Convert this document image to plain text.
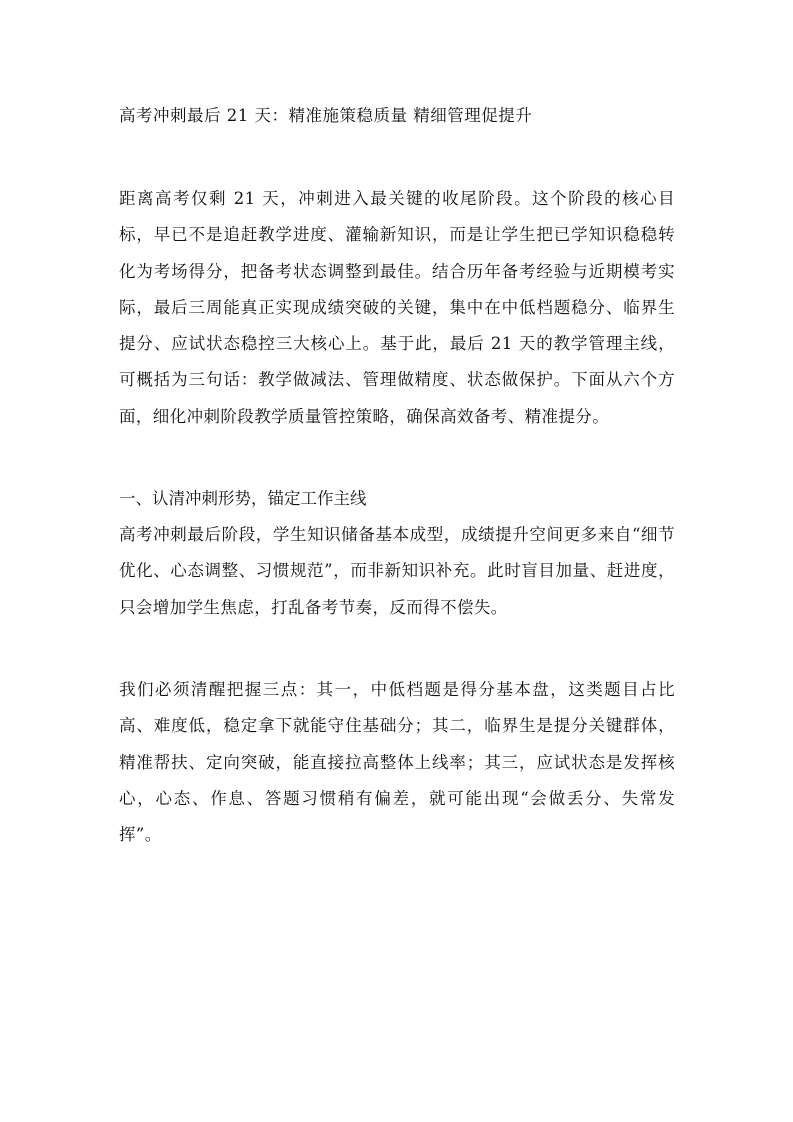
高考冲刺最后 21 天：精准施策稳质量 精细管理促提升

距离高考仅剩 21 天，冲刺进入最关键的收尾阶段。这个阶段的核心目标，早已不是追赶教学进度、灌输新知识，而是让学生把已学知识稳稳转化为考场得分，把备考状态调整到最佳。结合历年备考经验与近期模考实际，最后三周能真正实现成绩突破的关键，集中在中低档题稳分、临界生提分、应试状态稳控三大核心上。基于此，最后 21 天的教学管理主线，可概括为三句话：教学做减法、管理做精度、状态做保护。下面从六个方面，细化冲刺阶段教学质量管控策略，确保高效备考、精准提分。

一、认清冲刺形势，锚定工作主线

高考冲刺最后阶段，学生知识储备基本成型，成绩提升空间更多来自“细节优化、心态调整、习惯规范”，而非新知识补充。此时盲目加量、赶进度，只会增加学生焦虑，打乱备考节奏，反而得不偿失。

我们必须清醒把握三点：其一，中低档题是得分基本盘，这类题目占比高、难度低，稳定拿下就能守住基础分；其二，临界生是提分关键群体，精准帮扶、定向突破，能直接拉高整体上线率；其三，应试状态是发挥核心，心态、作息、答题习惯稍有偏差，就可能出现“会做丢分、失常发挥”。
